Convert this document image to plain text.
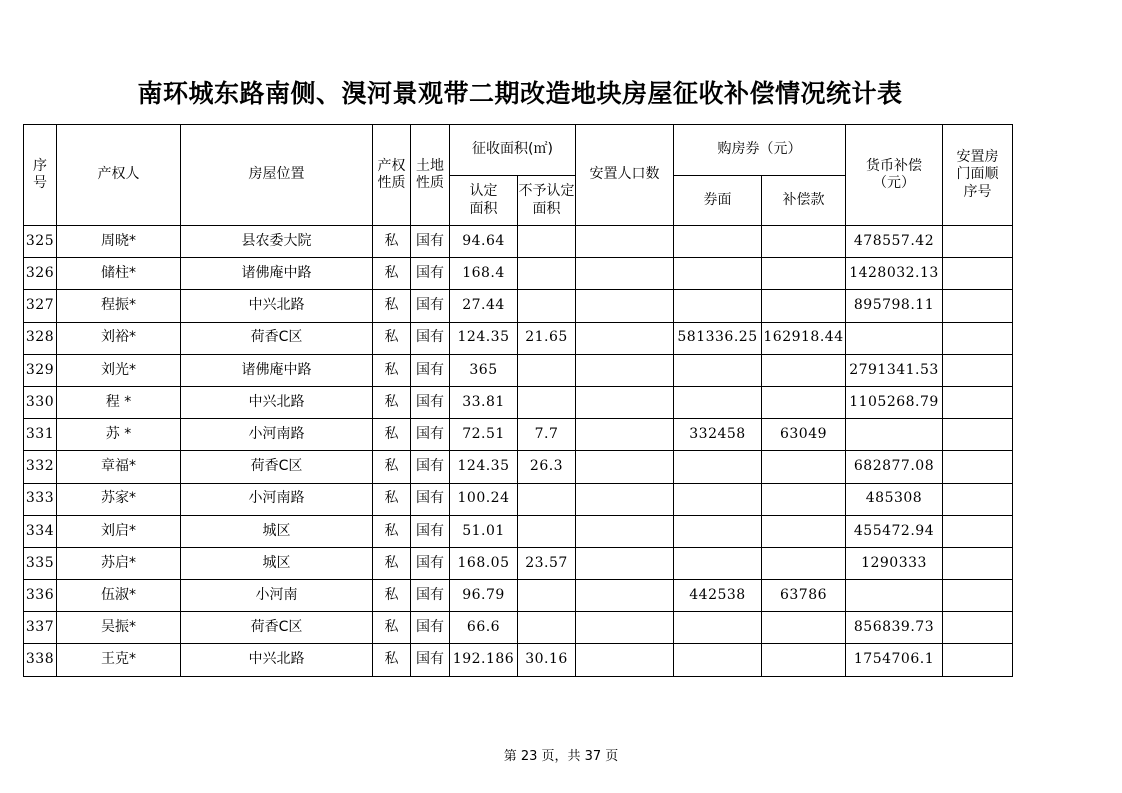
南环城东路南侧、湨河景观带二期改造地块房屋征收补偿情况统计表
序号	产权人	房屋位置	产权性质	土地性质	征收面积(㎡)		安置人口数	购房券（元）		货币补偿（元）	安置房门面顺序号
					认定面积	不予认定面积		券面	补偿款		
325	周晓*	县农委大院	私	国有	94.64					478557.42	
326	储柱*	诸佛庵中路	私	国有	168.4					1428032.13	
327	程振*	中兴北路	私	国有	27.44					895798.11	
328	刘裕*	荷香C区	私	国有	124.35	21.65		581336.25	162918.44		
329	刘光*	诸佛庵中路	私	国有	365					2791341.53	
330	程 *	中兴北路	私	国有	33.81					1105268.79	
331	苏 *	小河南路	私	国有	72.51	7.7		332458	63049		
332	章福*	荷香C区	私	国有	124.35	26.3				682877.08	
333	苏家*	小河南路	私	国有	100.24					485308	
334	刘启*	城区	私	国有	51.01					455472.94	
335	苏启*	城区	私	国有	168.05	23.57				1290333	
336	伍淑*	小河南	私	国有	96.79			442538	63786		
337	吴振*	荷香C区	私	国有	66.6					856839.73	
338	王克*	中兴北路	私	国有	192.186	30.16				1754706.1	
第 23 页，共 37 页
